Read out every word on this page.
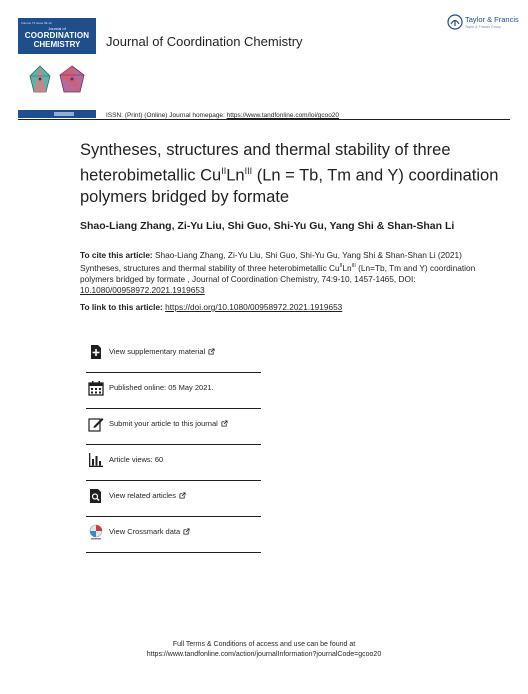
Volume 74 Issue 09-10
Journal of
COORDINATION
CHEMISTRY	Journal of Coordination Chemistry
Taylor & Francis
Taylor & Francis Group
ISSN: (Print) (Online) Journal homepage: https://www.tandfonline.com/loi/gcoo20
Syntheses, structures and thermal stability of three heterobimetallic $Cu^{II}Ln^{III}$ (Ln = Tb, Tm and Y) coordination polymers bridged by formate
Shao-Liang Zhang, Zi-Yu Liu, Shi Guo, Shi-Yu Gu, Yang Shi & Shan-Shan Li
To cite this article: Shao-Liang Zhang, Zi-Yu Liu, Shi Guo, Shi-Yu Gu, Yang Shi & Shan-Shan Li (2021) Syntheses, structures and thermal stability of three heterobimetallic $Cu^{II}Ln^{III}$ (Ln=Tb, Tm and Y) coordination polymers bridged by formate , Journal of Coordination Chemistry, 74:9-10, 1457-1465, DOI: 10.1080/00958972.2021.1919653
To link to this article: https://doi.org/10.1080/00958972.2021.1919653
View supplementary material
Published online: 05 May 2021.
Submit your article to this journal
Article views: 60
View related articles
View Crossmark data
Full Terms & Conditions of access and use can be found at
https://www.tandfonline.com/action/journalInformation?journalCode=gcoo20
